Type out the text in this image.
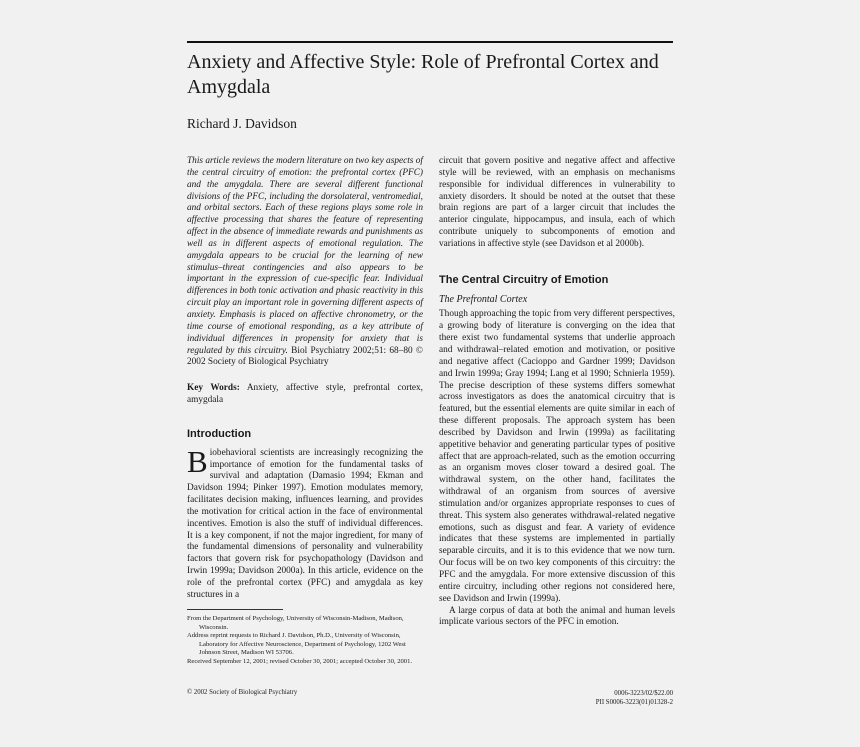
Anxiety and Affective Style: Role of Prefrontal Cortex and Amygdala

Richard J. Davidson

This article reviews the modern literature on two key aspects of the central circuitry of emotion: the prefrontal cortex (PFC) and the amygdala. There are several different functional divisions of the PFC, including the dorsolateral, ventromedial, and orbital sectors. Each of these regions plays some role in affective processing that shares the feature of representing affect in the absence of immediate rewards and punishments as well as in different aspects of emotional regulation. The amygdala appears to be crucial for the learning of new stimulus–threat contingencies and also appears to be important in the expression of cue-specific fear. Individual differences in both tonic activation and phasic reactivity in this circuit play an important role in governing different aspects of anxiety. Emphasis is placed on affective chronometry, or the time course of emotional responding, as a key attribute of individual differences in propensity for anxiety that is regulated by this circuitry. Biol Psychiatry 2002;51: 68–80 © 2002 Society of Biological Psychiatry

Key Words: Anxiety, affective style, prefrontal cortex, amygdala

Introduction

Biobehavioral scientists are increasingly recognizing the importance of emotion for the fundamental tasks of survival and adaptation (Damasio 1994; Ekman and Davidson 1994; Pinker 1997). Emotion modulates memory, facilitates decision making, influences learning, and provides the motivation for critical action in the face of environmental incentives. Emotion is also the stuff of individual differences. It is a key component, if not the major ingredient, for many of the fundamental dimensions of personality and vulnerability factors that govern risk for psychopathology (Davidson and Irwin 1999a; Davidson 2000a). In this article, evidence on the role of the prefrontal cortex (PFC) and amygdala as key structures in a

circuit that govern positive and negative affect and affective style will be reviewed, with an emphasis on mechanisms responsible for individual differences in vulnerability to anxiety disorders. It should be noted at the outset that these brain regions are part of a larger circuit that includes the anterior cingulate, hippocampus, and insula, each of which contribute uniquely to subcomponents of emotion and variations in affective style (see Davidson et al 2000b).

The Central Circuitry of Emotion
The Prefrontal Cortex

Though approaching the topic from very different perspectives, a growing body of literature is converging on the idea that there exist two fundamental systems that underlie approach and withdrawal–related emotion and motivation, or positive and negative affect (Cacioppo and Gardner 1999; Davidson and Irwin 1999a; Gray 1994; Lang et al 1990; Schnierla 1959). The precise description of these systems differs somewhat across investigators as does the anatomical circuitry that is featured, but the essential elements are quite similar in each of these different proposals. The approach system has been described by Davidson and Irwin (1999a) as facilitating appetitive behavior and generating particular types of positive affect that are approach-related, such as the emotion occurring as an organism moves closer toward a desired goal. The withdrawal system, on the other hand, facilitates the withdrawal of an organism from sources of aversive stimulation and/or organizes appropriate responses to cues of threat. This system also generates withdrawal-related negative emotions, such as disgust and fear. A variety of evidence indicates that these systems are implemented in partially separable circuits, and it is to this evidence that we now turn. Our focus will be on two key components of this circuitry: the PFC and the amygdala. For more extensive discussion of this entire circuitry, including other regions not considered here, see Davidson and Irwin (1999a).

A large corpus of data at both the animal and human levels implicate various sectors of the PFC in emotion.

From the Department of Psychology, University of Wisconsin-Madison, Madison, Wisconsin.

Address reprint requests to Richard J. Davidson, Ph.D., University of Wisconsin, Laboratory for Affective Neuroscience, Department of Psychology, 1202 West Johnson Street, Madison WI 53706.

Received September 12, 2001; revised October 30, 2001; accepted October 30, 2001.

© 2002 Society of Biological Psychiatry	0006-3223/02/$22.00
PII S0006-3223(01)01328-2
